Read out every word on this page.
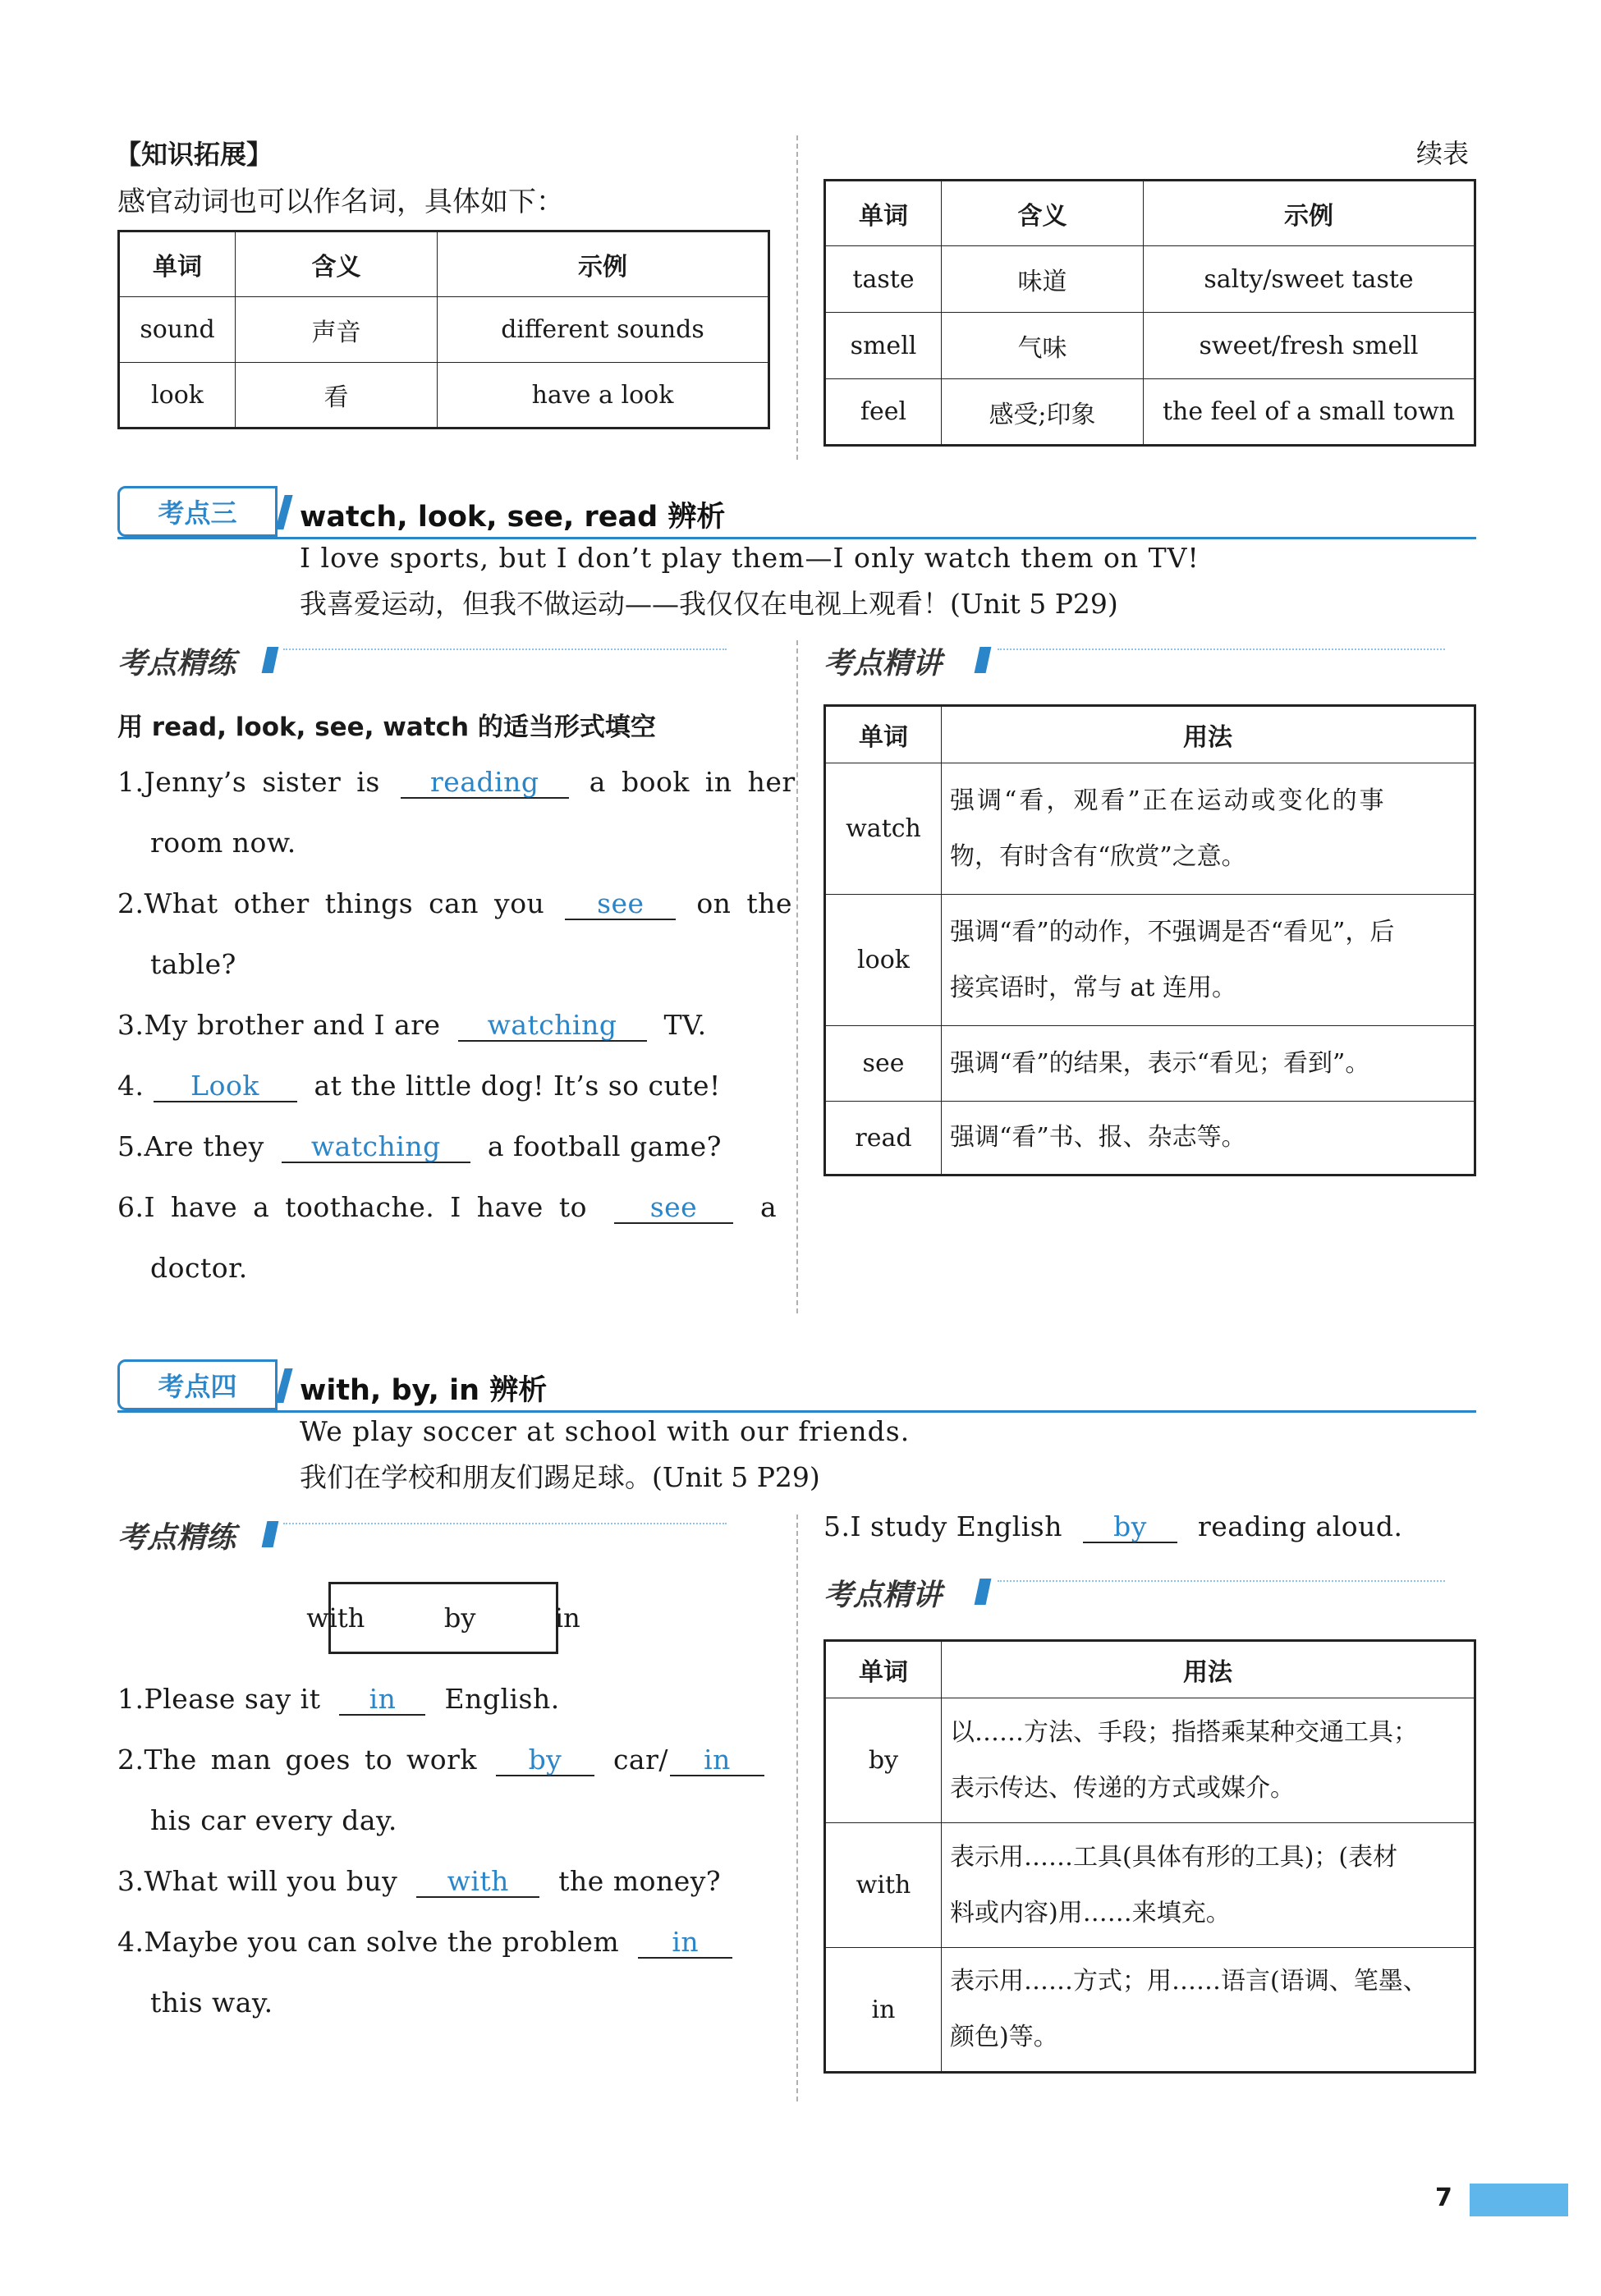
【知识拓展】
感官动词也可以作名词，具体如下：
单词	含义	示例
sound	声音	different sounds
look	看	have a look
续表
单词	含义	示例
taste	味道	salty/sweet taste
smell	气味	sweet/fresh smell
feel	感受;印象	the feel of a small town
考点三	watch, look, see, read 辨析
I love sports, but I don’t play them—I only watch them on TV!
我喜爱运动，但我不做运动——我仅仅在电视上观看！(Unit 5 P29)
考点精练	考点精讲
用 read, look, see, watch 的适当形式填空
1.Jenny’s sister is reading a book in her
room now.
2.What other things can you see on the
table?
3.My brother and I are watching TV.
4. Look at the little dog! It’s so cute!
5.Are they watching a football game?
6.I have a toothache. I have to see a
doctor.
单词	用法
watch	强调“看，观看”正在运动或变化的事
物，有时含有“欣赏”之意。
look	强调“看”的动作，不强调是否“看见”，后
接宾语时，常与 at 连用。
see	强调“看”的结果，表示“看见；看到”。
read	强调“看”书、报、杂志等。
考点四	with, by, in 辨析
We play soccer at school with our friends.
我们在学校和朋友们踢足球。(Unit 5 P29)
考点精练
with
	by
	in
1.Please say it in English.
2.The man goes to work by car/ in
his car every day.
3.What will you buy with the money?
4.Maybe you can solve the problem in
this way.
5.I study English by reading aloud.
考点精讲
单词	用法
by	以……方法、手段；指搭乘某种交通工具；
表示传达、传递的方式或媒介。
with	表示用……工具(具体有形的工具)；(表材
料或内容)用……来填充。
in	表示用……方式；用……语言(语调、笔墨、
颜色)等。
7
